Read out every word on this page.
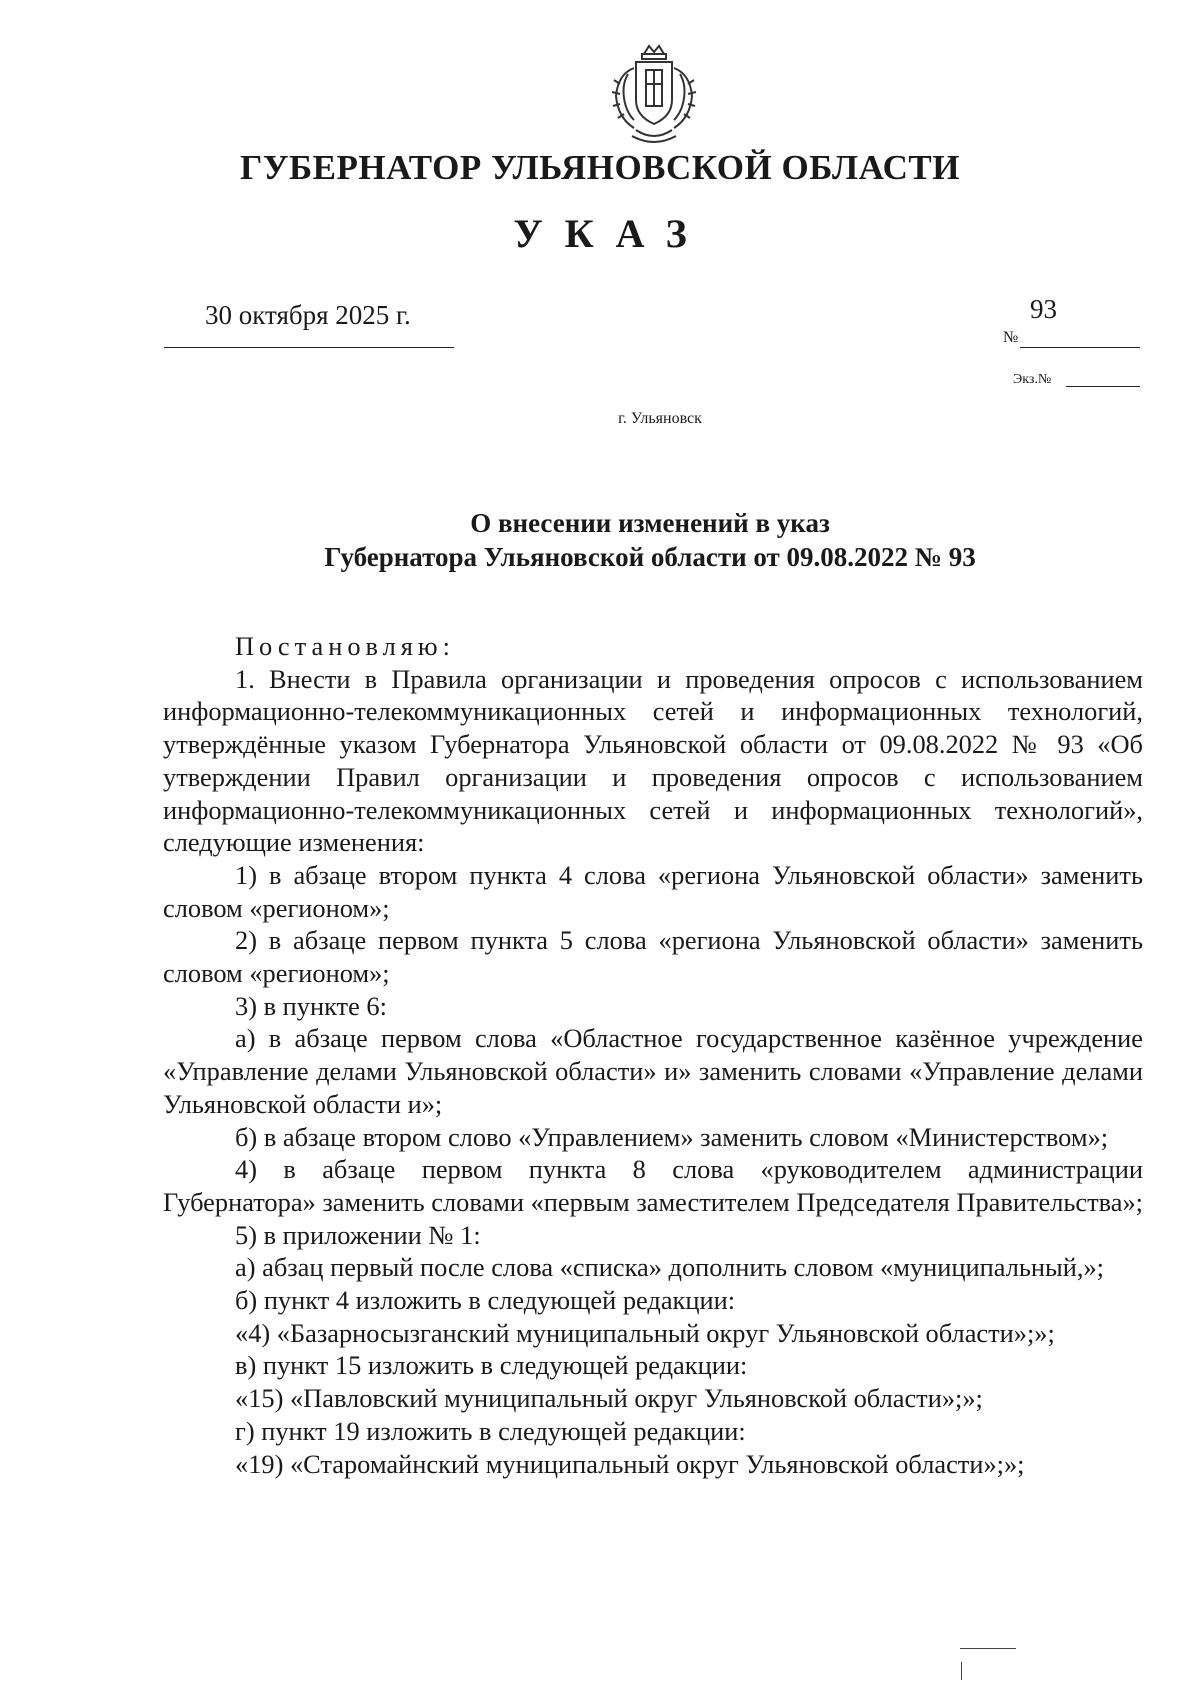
ГУБЕРНАТОР УЛЬЯНОВСКОЙ ОБЛАСТИ
УКАЗ
30 октября 2025 г.	93
№
Экз.№
г. Ульяновск
О внесении изменений в указ
Губернатора Ульяновской области от 09.08.2022 № 93

Постановляю:

1. Внести в Правила организации и проведения опросов с использованием информационно-телекоммуникационных сетей и информационных технологий, утверждённые указом Губернатора Ульяновской области от 09.08.2022 № 93 «Об утверждении Правил организации и проведения опросов с использованием информационно-телекоммуникационных сетей и информационных технологий», следующие изменения:

1) в абзаце втором пункта 4 слова «региона Ульяновской области» заменить словом «регионом»;

2) в абзаце первом пункта 5 слова «региона Ульяновской области» заменить словом «регионом»;

3) в пункте 6:

а) в абзаце первом слова «Областное государственное казённое учреждение «Управление делами Ульяновской области» и» заменить словами «Управление делами Ульяновской области и»;

б) в абзаце втором слово «Управлением» заменить словом «Министерством»;

4) в абзаце первом пункта 8 слова «руководителем администрации Губернатора» заменить словами «первым заместителем Председателя Правительства»;

5) в приложении № 1:

а) абзац первый после слова «списка» дополнить словом «муниципальный,»;

б) пункт 4 изложить в следующей редакции:

«4) «Базарносызганский муниципальный округ Ульяновской области»;»;

в) пункт 15 изложить в следующей редакции:

«15) «Павловский муниципальный округ Ульяновской области»;»;

г) пункт 19 изложить в следующей редакции:

«19) «Старомайнский муниципальный округ Ульяновской области»;»;
